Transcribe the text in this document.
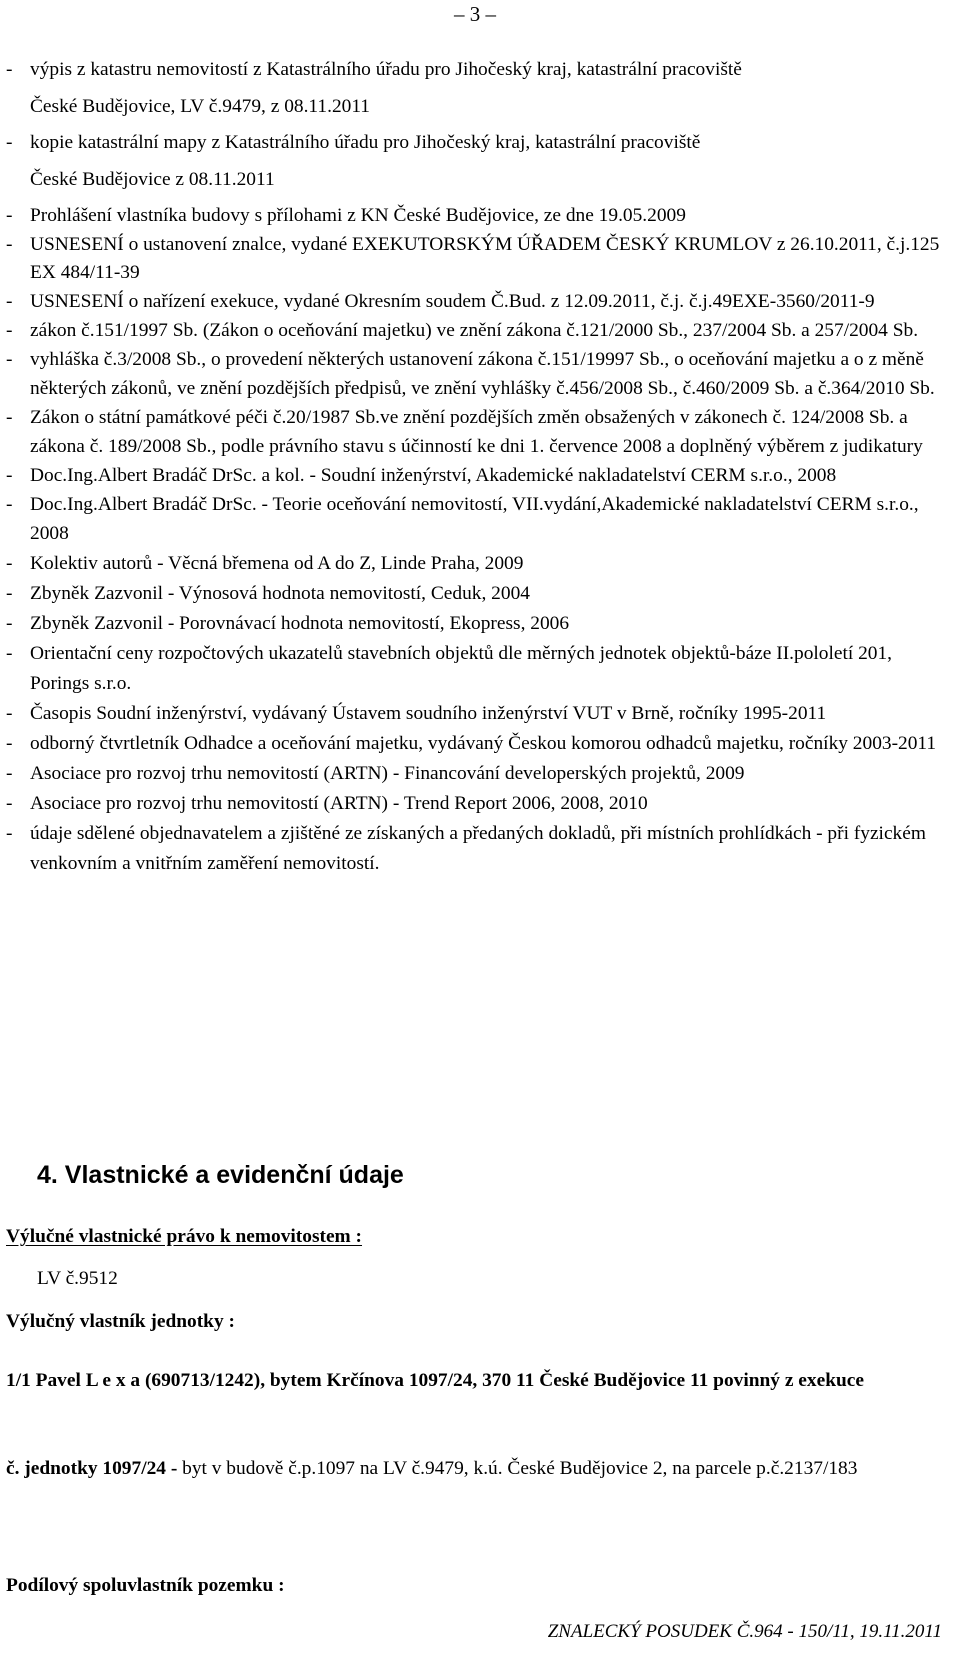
– 3 –
- výpis z katastru nemovitostí z Katastrálního úřadu pro Jihočeský kraj, katastrální pracoviště
České Budějovice, LV č.9479, z 08.11.2011
- kopie katastrální mapy z Katastrálního úřadu pro Jihočeský kraj, katastrální pracoviště
České Budějovice z 08.11.2011
- Prohlášení vlastníka budovy s přílohami z KN České Budějovice, ze dne 19.05.2009
- USNESENÍ o ustanovení znalce, vydané EXEKUTORSKÝM ÚŘADEM ČESKÝ KRUMLOV z 26.10.2011, č.j.125 EX 484/11-39
- USNESENÍ o nařízení exekuce, vydané Okresním soudem Č.Bud. z 12.09.2011, č.j. č.j.49EXE-3560/2011-9
- zákon č.151/1997 Sb. (Zákon o oceňování majetku) ve znění zákona č.121/2000 Sb., 237/2004 Sb. a 257/2004 Sb.
- vyhláška č.3/2008 Sb., o provedení některých ustanovení zákona č.151/19997 Sb., o oceňování majetku a o z měně některých zákonů, ve znění pozdějších předpisů, ve znění vyhlášky č.456/2008 Sb., č.460/2009 Sb. a č.364/2010 Sb.
- Zákon o státní památkové péči č.20/1987 Sb.ve znění pozdějších změn obsažených v zákonech č. 124/2008 Sb. a zákona č. 189/2008 Sb., podle právního stavu s účinností ke dni 1. července 2008 a doplněný výběrem z judikatury
- Doc.Ing.Albert Bradáč DrSc. a kol. - Soudní inženýrství, Akademické nakladatelství CERM s.r.o., 2008
- Doc.Ing.Albert Bradáč DrSc. - Teorie oceňování nemovitostí, VII.vydání,Akademické nakladatelství CERM s.r.o., 2008
- Kolektiv autorů - Věcná břemena od A do Z, Linde Praha, 2009
- Zbyněk Zazvonil - Výnosová hodnota nemovitostí, Ceduk, 2004
- Zbyněk Zazvonil - Porovnávací hodnota nemovitostí, Ekopress, 2006
- Orientační ceny rozpočtových ukazatelů stavebních objektů dle měrných jednotek objektů-báze II.pololetí 201, Porings s.r.o.
- Časopis Soudní inženýrství, vydávaný Ústavem soudního inženýrství VUT v Brně, ročníky 1995-2011
- odborný čtvrtletník Odhadce a oceňování majetku, vydávaný Českou komorou odhadců majetku, ročníky 2003-2011
- Asociace pro rozvoj trhu nemovitostí (ARTN) - Financování developerských projektů, 2009
- Asociace pro rozvoj trhu nemovitostí (ARTN) - Trend Report 2006, 2008, 2010
- údaje sdělené objednavatelem a zjištěné ze získaných a předaných dokladů, při místních prohlídkách - při fyzickém venkovním a vnitřním zaměření nemovitostí.
4. Vlastnické a evidenční údaje
Výlučné vlastnické právo k nemovitostem :
LV č.9512
Výlučný vlastník jednotky :
1/1 Pavel L e x a (690713/1242), bytem Krčínova 1097/24, 370 11 České Budějovice 11 povinný z exekuce
č. jednotky 1097/24 - byt v budově č.p.1097 na LV č.9479, k.ú. České Budějovice 2, na parcele p.č.2137/183
Podílový spoluvlastník pozemku :
ZNALECKÝ POSUDEK Č.964 - 150/11, 19.11.2011
